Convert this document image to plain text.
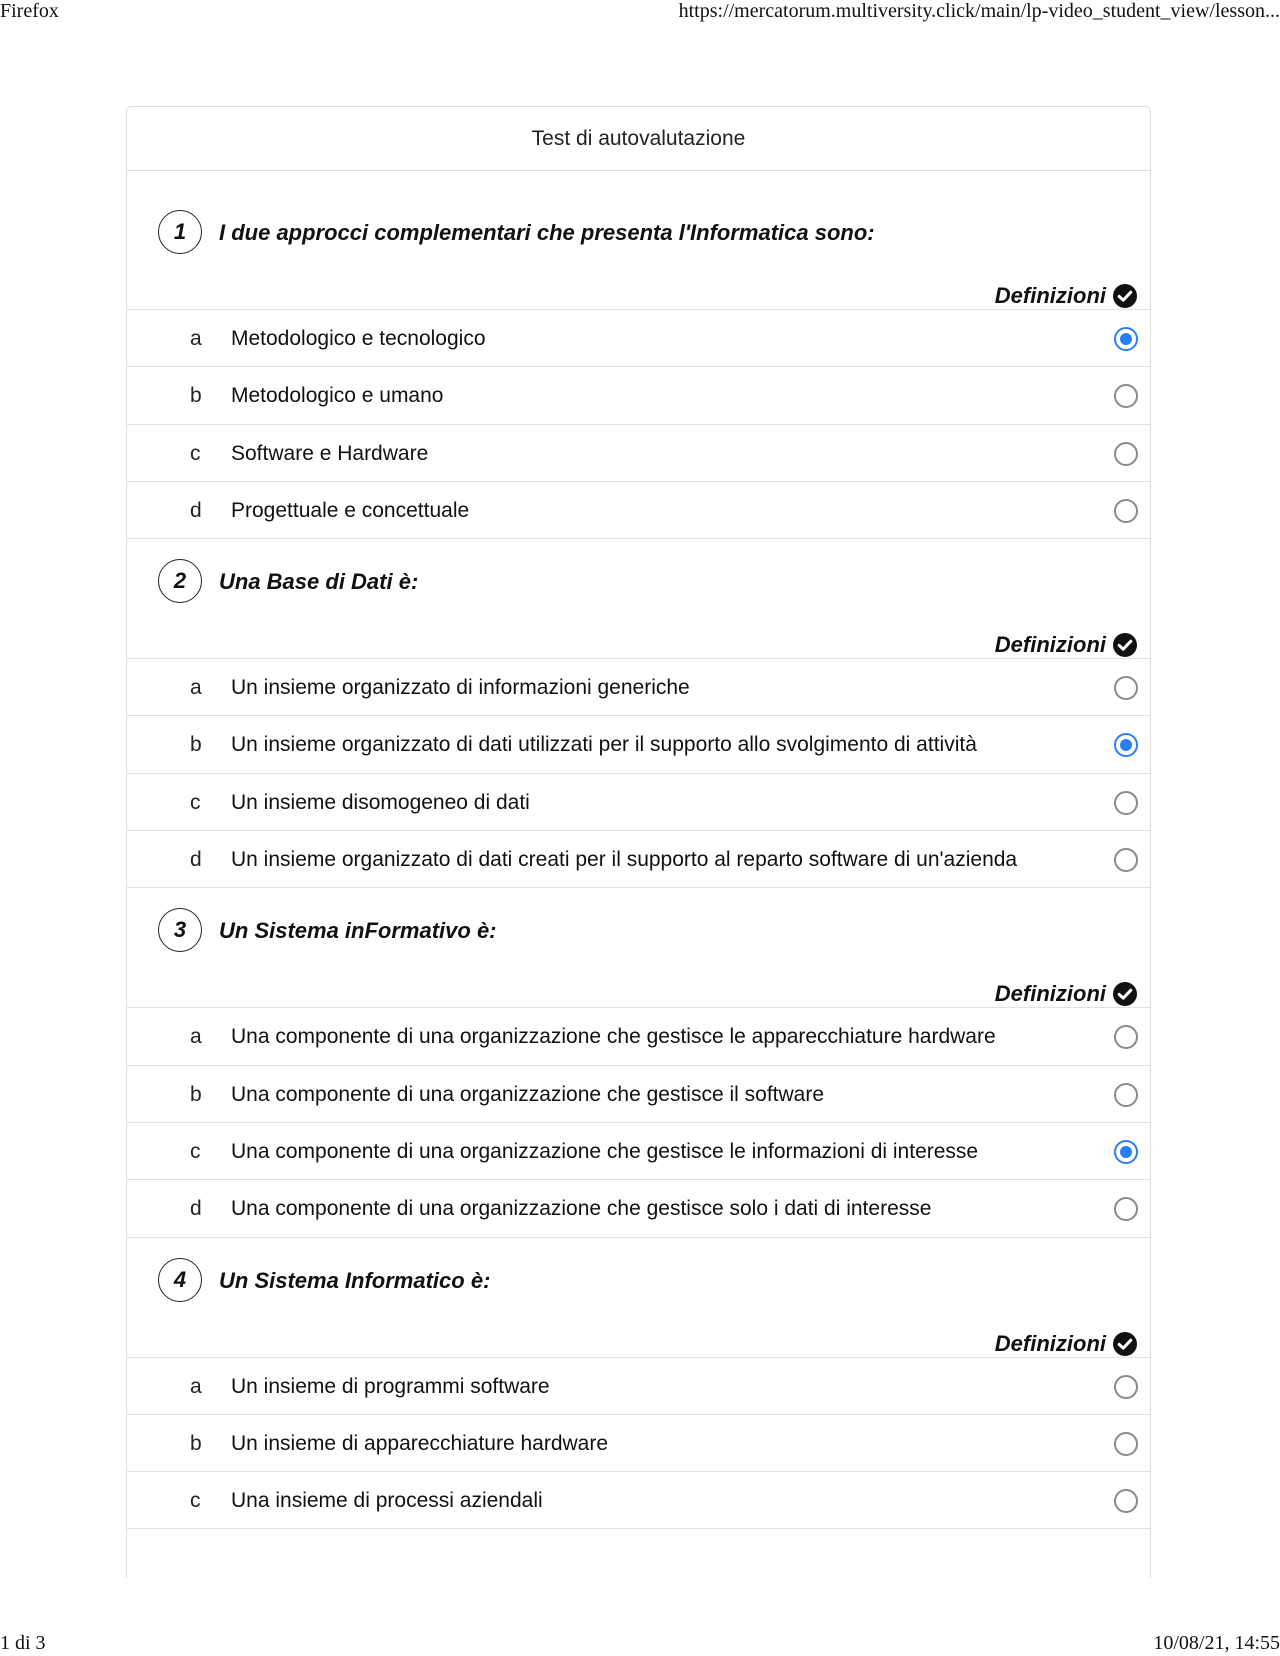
Firefox	https://mercatorum.multiversity.click/main/lp-video_student_view/lesson...
Test di autovalutazione
1	I due approcci complementari che presenta l'Informatica sono:
Definizioni
a Metodologico e tecnologico
b Metodologico e umano
c Software e Hardware
d Progettuale e concettuale
2	Una Base di Dati è:
Definizioni
a Un insieme organizzato di informazioni generiche
b Un insieme organizzato di dati utilizzati per il supporto allo svolgimento di attività
c Un insieme disomogeneo di dati
d Un insieme organizzato di dati creati per il supporto al reparto software di un'azienda
3	Un Sistema inFormativo è:
Definizioni
a Una componente di una organizzazione che gestisce le apparecchiature hardware
b Una componente di una organizzazione che gestisce il software
c Una componente di una organizzazione che gestisce le informazioni di interesse
d Una componente di una organizzazione che gestisce solo i dati di interesse
4	Un Sistema Informatico è:
Definizioni
a Un insieme di programmi software
b Un insieme di apparecchiature hardware
c Una insieme di processi aziendali
1 di 3	10/08/21, 14:55
